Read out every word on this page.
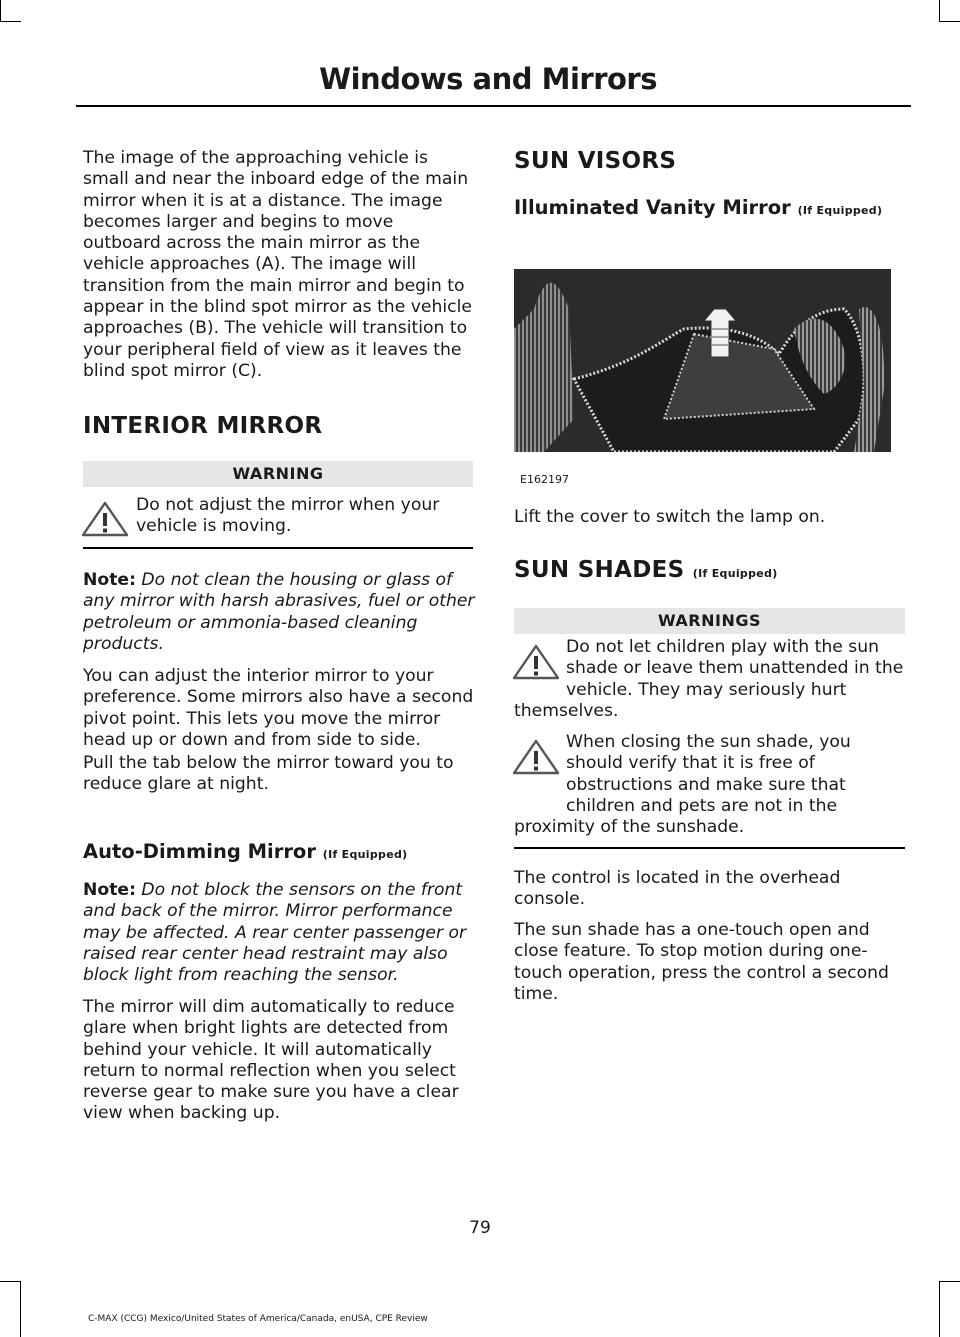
Windows and Mirrors

The image of the approaching vehicle is small and near the inboard edge of the main mirror when it is at a distance. The image becomes larger and begins to move outboard across the main mirror as the vehicle approaches (A). The image will transition from the main mirror and begin to appear in the blind spot mirror as the vehicle approaches (B). The vehicle will transition to your peripheral field of view as it leaves the blind spot mirror (C).

INTERIOR MIRROR
WARNING
Do not adjust the mirror when your vehicle is moving.
Note: Do not clean the housing or glass of any mirror with harsh abrasives, fuel or other petroleum or ammonia-based cleaning products.
You can adjust the interior mirror to your preference. Some mirrors also have a second pivot point. This lets you move the mirror head up or down and from side to side.
Pull the tab below the mirror toward you to reduce glare at night.
Auto-Dimming Mirror (If Equipped)
Note: Do not block the sensors on the front and back of the mirror. Mirror performance may be affected. A rear center passenger or raised rear center head restraint may also block light from reaching the sensor.
The mirror will dim automatically to reduce glare when bright lights are detected from behind your vehicle. It will automatically return to normal reflection when you select reverse gear to make sure you have a clear view when backing up.
SUN VISORS
Illuminated Vanity Mirror (If Equipped)
E162197
Lift the cover to switch the lamp on.
SUN SHADES (If Equipped)
WARNINGS
Do not let children play with the sun shade or leave them unattended in the vehicle. They may seriously hurt themselves.
When closing the sun shade, you should verify that it is free of obstructions and make sure that children and pets are not in the proximity of the sunshade.
The control is located in the overhead console.
The sun shade has a one-touch open and close feature. To stop motion during one-touch operation, press the control a second time.
79
C-MAX (CCG) Mexico/United States of America/Canada, enUSA, CPE Review
